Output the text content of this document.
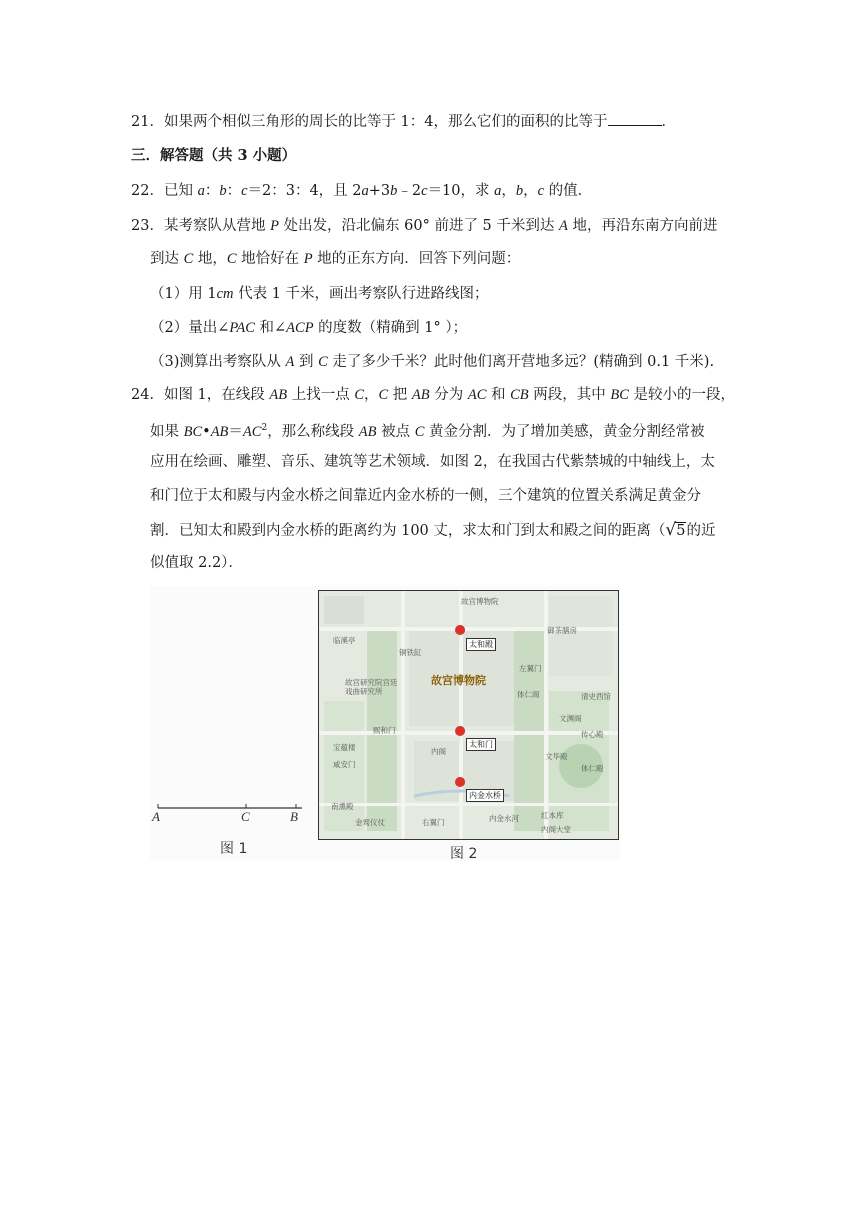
21．如果两个相似三角形的周长的比等于 1：4，那么它们的面积的比等于	．
三．解答题（共 3 小题）
22．已知 a：b：c＝2：3：4，且 2a+3b﹣2c＝10，求 a，b，c 的值．
23．某考察队从营地 P 处出发，沿北偏东 60° 前进了 5 千米到达 A 地，再沿东南方向前进
到达 C 地，C 地恰好在 P 地的正东方向．回答下列问题：
（1）用 1cm 代表 1 千米，画出考察队行进路线图；
（2）量出∠PAC 和∠ACP 的度数（精确到 1° ）；
（3)测算出考察队从 A 到 C 走了多少千米？此时他们离开营地多远？(精确到 0.1 千米).
24．如图 1，在线段 AB 上找一点 C，C 把 AB 分为 AC 和 CB 两段，其中 BC 是较小的一段，
如果 $BC•AB=AC^2$，那么称线段 AB 被点 C 黄金分割．为了增加美感，黄金分割经常被
应用在绘画、雕塑、音乐、建筑等艺术领域．如图 2，在我国古代紫禁城的中轴线上，太
和门位于太和殿与内金水桥之间靠近内金水桥的一侧，三个建筑的位置关系满足黄金分
割．已知太和殿到内金水桥的距离约为 100 丈，求太和门到太和殿之间的距离（√5的近
似值取 2.2）．
A	C	B
图 1
故宫博物院
太和殿
太和门
内金水桥
故宫博物院
御茶膳房
临溪亭
铜铁缸
左翼门
故宫研究院宫廷戏曲研究所	体仁阁	清史西馆
文渊阁
传心殿
宝蕴楼
咸安门
熙和门
南熏殿
内金水河
体仁殿
文华殿
红本库
内阁大堂
右翼门
金鸾仪仗
内阁
图 2
